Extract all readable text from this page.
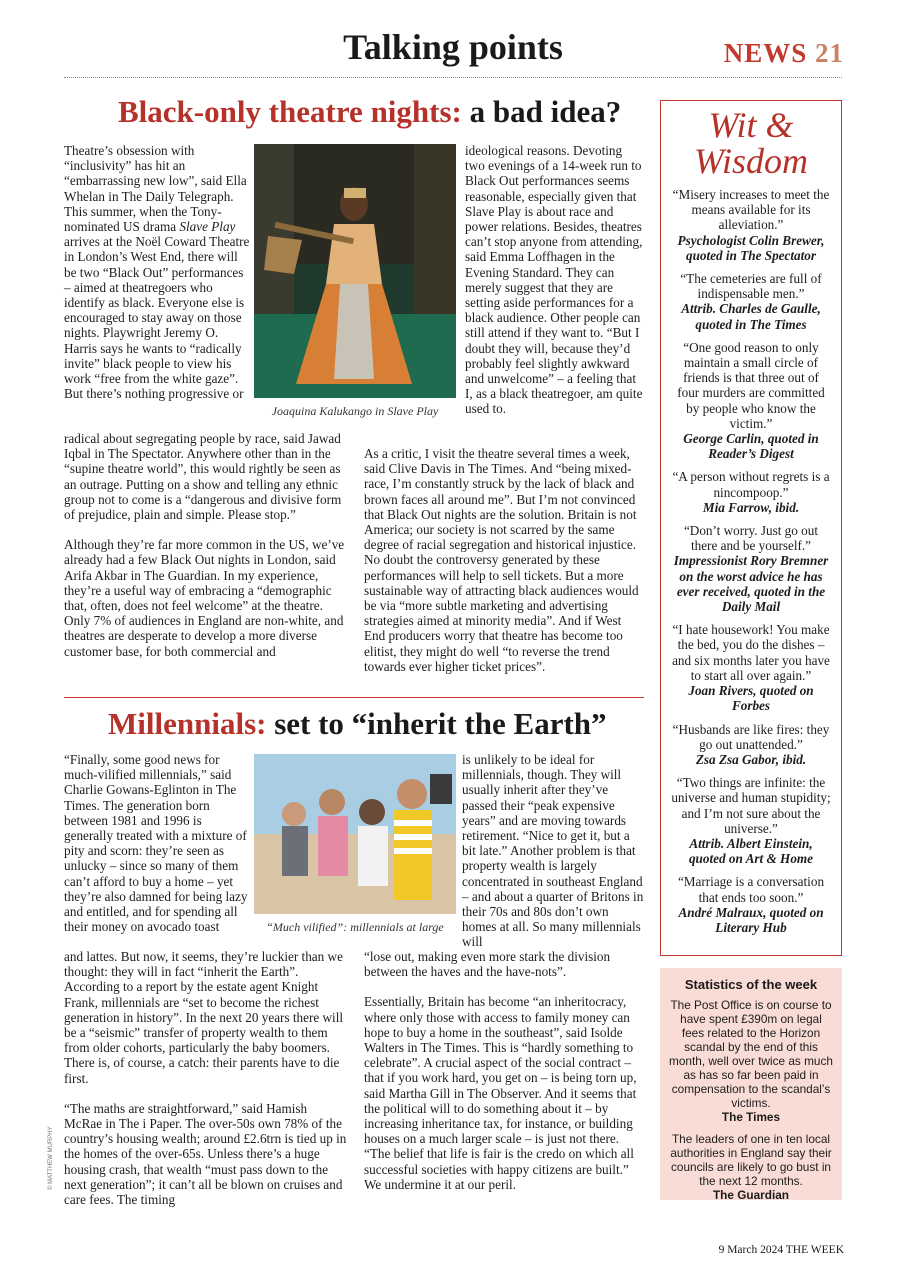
Talking points	NEWS 21
Black-only theatre nights: a bad idea?
Joaquina Kalukango in Slave Play
Theatre’s obsession with “inclusivity” has hit an “embarrassing new low”, said Ella Whelan in The Daily Telegraph. This summer, when the Tony-nominated US drama Slave Play arrives at the Noël Coward Theatre in London’s West End, there will be two “Black Out” performances – aimed at theatregoers who identify as black. Everyone else is encouraged to stay away on those nights. Playwright Jeremy O. Harris says he wants to “radically invite” black people to view his work “free from the white gaze”. But there’s nothing progressive or

radical about segregating people by race, said Jawad Iqbal in The Spectator. Anywhere other than in the “supine theatre world”, this would rightly be seen as an outrage. Putting on a show and telling any ethnic group not to come is a “dangerous and divisive form of prejudice, plain and simple. Please stop.”

Although they’re far more common in the US, we’ve already had a few Black Out nights in London, said Arifa Akbar in The Guardian. In my experience, they’re a useful way of embracing a “demographic that, often, does not feel welcome” at the theatre. Only 7% of audiences in England are non-white, and theatres are desperate to develop a more diverse customer base, for both commercial and

ideological reasons. Devoting two evenings of a 14-week run to Black Out performances seems reasonable, especially given that Slave Play is about race and power relations. Besides, theatres can’t stop anyone from attending, said Emma Loffhagen in the Evening Standard. They can merely suggest that they are setting aside performances for a black audience. Other people can still attend if they want to. “But I doubt they will, because they’d probably feel slightly awkward and unwelcome” – a feeling that I, as a black theatregoer, am quite used to.
As a critic, I visit the theatre several times a week, said Clive Davis in The Times. And “being mixed-race, I’m constantly struck by the lack of black and brown faces all around me”. But I’m not convinced that Black Out nights are the solution. Britain is not America; our society is not scarred by the same degree of racial segregation and historical injustice. No doubt the controversy generated by these performances will help to sell tickets. But a more sustainable way of attracting black audiences would be via “more subtle marketing and advertising strategies aimed at minority media”. And if West End producers worry that theatre has become too elitist, they might do well “to reverse the trend towards ever higher ticket prices”.
Millennials: set to “inherit the Earth”
“Much vilified”: millennials at large
“Finally, some good news for much-vilified millennials,” said Charlie Gowans-Eglinton in The Times. The generation born between 1981 and 1996 is generally treated with a mixture of pity and scorn: they’re seen as unlucky – since so many of them can’t afford to buy a home – yet they’re also damned for being lazy and entitled, and for spending all their money on avocado toast

and lattes. But now, it seems, they’re luckier than we thought: they will in fact “inherit the Earth”. According to a report by the estate agent Knight Frank, millennials are “set to become the richest generation in history”. In the next 20 years there will be a “seismic” transfer of property wealth to them from older cohorts, particularly the baby boomers. There is, of course, a catch: their parents have to die first.

“The maths are straightforward,” said Hamish McRae in The i Paper. The over-50s own 78% of the country’s housing wealth; around £2.6trn is tied up in the homes of the over-65s. Unless there’s a huge housing crash, that wealth “must pass down to the next generation”; it can’t all be blown on cruises and care fees. The timing

is unlikely to be ideal for millennials, though. They will usually inherit after they’ve passed their “peak expensive years” and are moving towards retirement. “Nice to get it, but a bit late.” Another problem is that property wealth is largely concentrated in southeast England – and about a quarter of Britons in their 70s and 80s don’t own homes at all. So many millennials will

“lose out, making even more stark the division between the haves and the have-nots”.

Essentially, Britain has become “an inheritocracy, where only those with access to family money can hope to buy a home in the southeast”, said Isolde Walters in The Times. This is “hardly something to celebrate”. A crucial aspect of the social contract – that if you work hard, you get on – is being torn up, said Martha Gill in The Observer. And it seems that the political will to do something about it – by increasing inheritance tax, for instance, or building houses on a much larger scale – is just not there. “The belief that life is fair is the credo on which all successful societies with happy citizens are built.” We undermine it at our peril.

Wit &
Wisdom
“Misery increases to meet the means available for its alleviation.”
Psychologist Colin Brewer, quoted in The Spectator
“The cemeteries are full of indispensable men.”
Attrib. Charles de Gaulle, quoted in The Times
“One good reason to only maintain a small circle of friends is that three out of four murders are committed by people who know the victim.”
George Carlin, quoted in Reader’s Digest
“A person without regrets is a nincompoop.”
Mia Farrow, ibid.
“Don’t worry. Just go out there and be yourself.”
Impressionist Rory Bremner on the worst advice he has ever received, quoted in the Daily Mail
“I hate housework! You make the bed, you do the dishes – and six months later you have to start all over again.”
Joan Rivers, quoted on Forbes
“Husbands are like fires: they go out unattended.”
Zsa Zsa Gabor, ibid.
“Two things are infinite: the universe and human stupidity; and I’m not sure about the universe.”
Attrib. Albert Einstein, quoted on Art & Home
“Marriage is a conversation that ends too soon.”
André Malraux, quoted on Literary Hub
Statistics of the week

The Post Office is on course to have spent £390m on legal fees related to the Horizon scandal by the end of this month, well over twice as much as has so far been paid in compensation to the scandal’s victims.
The Times

The leaders of one in ten local authorities in England say their councils are likely to go bust in the next 12 months.
The Guardian

© MATTHEW MURPHY
9 March 2024 THE WEEK
